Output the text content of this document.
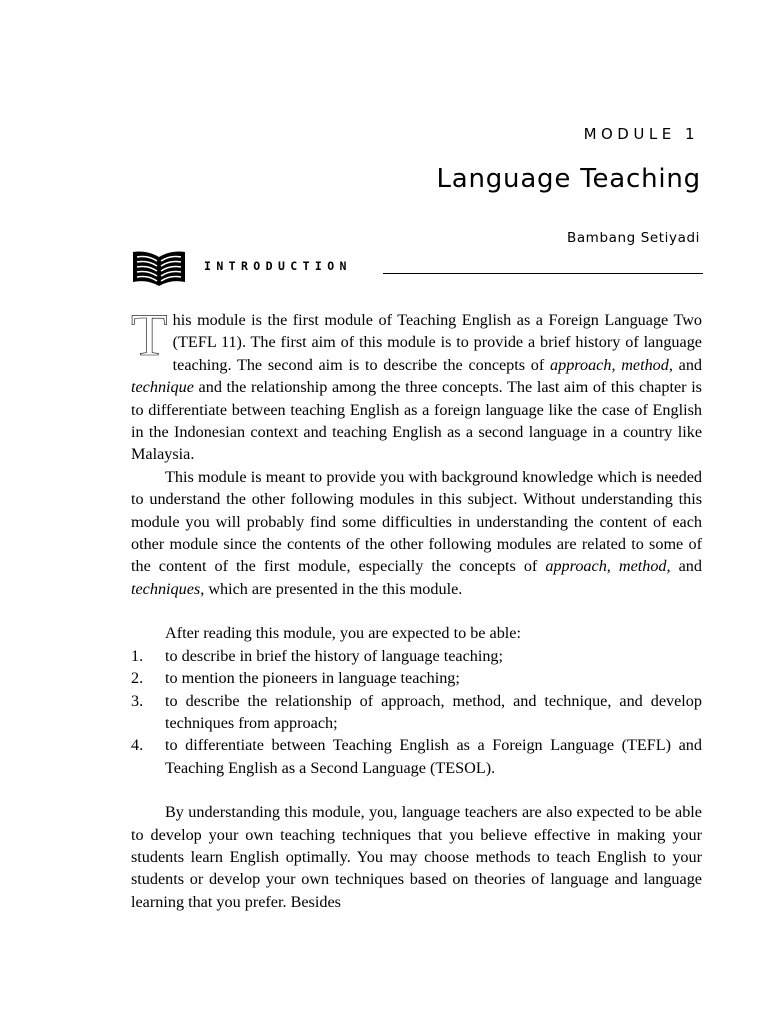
MODULE 1
Language Teaching
Bambang Setiyadi
INTRODUCTION

This module is the first module of Teaching English as a Foreign Language Two (TEFL 11). The first aim of this module is to provide a brief history of language teaching. The second aim is to describe the concepts of approach, method, and technique and the relationship among the three concepts. The last aim of this chapter is to differentiate between teaching English as a foreign language like the case of English in the Indonesian context and teaching English as a second language in a country like Malaysia.

This module is meant to provide you with background knowledge which is needed to understand the other following modules in this subject. Without understanding this module you will probably find some difficulties in understanding the content of each other module since the contents of the other following modules are related to some of the content of the first module, especially the concepts of approach, method, and techniques, which are presented in the this module.

After reading this module, you are expected to be able:

1. to describe in brief the history of language teaching;
2. to mention the pioneers in language teaching;
3. to describe the relationship of approach, method, and technique, and develop techniques from approach;
4. to differentiate between Teaching English as a Foreign Language (TEFL) and Teaching English as a Second Language (TESOL).

By understanding this module, you, language teachers are also expected to be able to develop your own teaching techniques that you believe effective in making your students learn English optimally. You may choose methods to teach English to your students or develop your own techniques based on theories of language and language learning that you prefer. Besides
